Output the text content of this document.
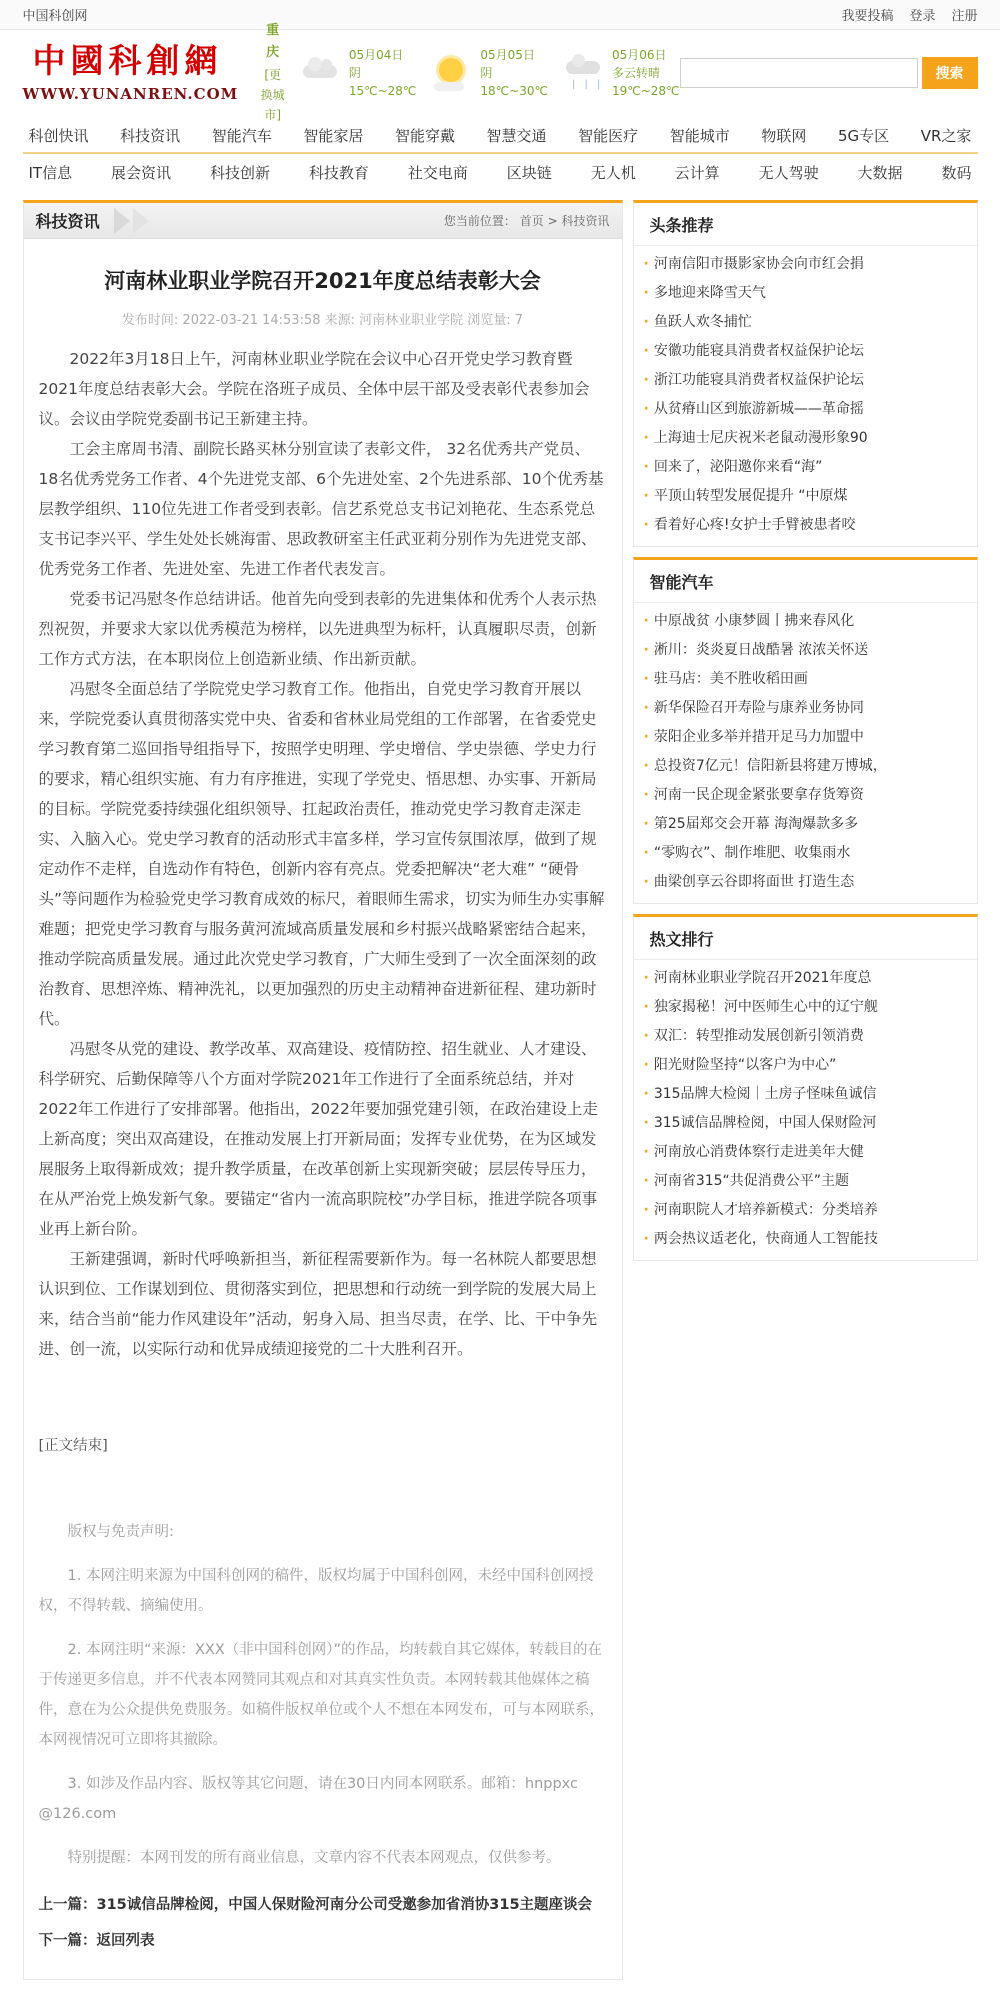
中国科创网	我要投稿 登录 注册
中國科創網
WWW.YUNANREN.COM
重庆
[更换城市]
05月04日
阴
15℃~28℃
05月05日
阴
18℃~30℃ | | |
05月06日
多云转晴
19℃~28℃
搜索
科创快讯 科技资讯 智能汽车 智能家居 智能穿戴 智慧交通 智能医疗 智能城市 物联网 5G专区 VR之家
IT信息	展会资讯	科技创新	科技教育	社交电商	区块链	无人机	云计算	无人驾驶	大数据	数码
科技资讯	您当前位置： 首页 > 科技资讯
河南林业职业学院召开2021年度总结表彰大会
发布时间: 2022-03-21 14:53:58 来源: 河南林业职业学院 浏览量: 7

2022年3月18日上午，河南林业职业学院在会议中心召开党史学习教育暨2021年度总结表彰大会。学院在洛班子成员、全体中层干部及受表彰代表参加会议。会议由学院党委副书记王新建主持。

工会主席周书清、副院长路买林分别宣读了表彰文件， 32名优秀共产党员、18名优秀党务工作者、4个先进党支部、6个先进处室、2个先进系部、10个优秀基层教学组织、110位先进工作者受到表彰。信艺系党总支书记刘艳花、生态系党总支书记李兴平、学生处处长姚海雷、思政教研室主任武亚莉分别作为先进党支部、优秀党务工作者、先进处室、先进工作者代表发言。

党委书记冯慰冬作总结讲话。他首先向受到表彰的先进集体和优秀个人表示热烈祝贺，并要求大家以优秀模范为榜样，以先进典型为标杆，认真履职尽责，创新工作方式方法，在本职岗位上创造新业绩、作出新贡献。

冯慰冬全面总结了学院党史学习教育工作。他指出，自党史学习教育开展以来，学院党委认真贯彻落实党中央、省委和省林业局党组的工作部署，在省委党史学习教育第二巡回指导组指导下，按照学史明理、学史增信、学史崇德、学史力行的要求，精心组织实施、有力有序推进，实现了学党史、悟思想、办实事、开新局的目标。学院党委持续强化组织领导、扛起政治责任，推动党史学习教育走深走实、入脑入心。党史学习教育的活动形式丰富多样，学习宣传氛围浓厚，做到了规定动作不走样，自选动作有特色，创新内容有亮点。党委把解决“老大难” “硬骨头”等问题作为检验党史学习教育成效的标尺，着眼师生需求，切实为师生办实事解难题；把党史学习教育与服务黄河流域高质量发展和乡村振兴战略紧密结合起来，推动学院高质量发展。通过此次党史学习教育，广大师生受到了一次全面深刻的政治教育、思想淬炼、精神洗礼，以更加强烈的历史主动精神奋进新征程、建功新时代。

冯慰冬从党的建设、教学改革、双高建设、疫情防控、招生就业、人才建设、科学研究、后勤保障等八个方面对学院2021年工作进行了全面系统总结，并对2022年工作进行了安排部署。他指出，2022年要加强党建引领，在政治建设上走上新高度；突出双高建设，在推动发展上打开新局面；发挥专业优势，在为区域发展服务上取得新成效；提升教学质量，在改革创新上实现新突破；层层传导压力，在从严治党上焕发新气象。要锚定“省内一流高职院校”办学目标，推进学院各项事业再上新台阶。

王新建强调，新时代呼唤新担当，新征程需要新作为。每一名林院人都要思想认识到位、工作谋划到位、贯彻落实到位，把思想和行动统一到学院的发展大局上来，结合当前“能力作风建设年”活动，躬身入局、担当尽责，在学、比、干中争先进、创一流，以实际行动和优异成绩迎接党的二十大胜利召开。

[正文结束]

版权与免责声明:

1. 本网注明来源为中国科创网的稿件，版权均属于中国科创网，未经中国科创网授权，不得转载、摘编使用。

2. 本网注明“来源：XXX（非中国科创网）”的作品，均转载自其它媒体，转载目的在于传递更多信息，并不代表本网赞同其观点和对其真实性负责。本网转载其他媒体之稿件，意在为公众提供免费服务。如稿件版权单位或个人不想在本网发布，可与本网联系，本网视情况可立即将其撤除。

3. 如涉及作品内容、版权等其它问题，请在30日内同本网联系。邮箱：hnppxc @126.com

特别提醒：本网刊发的所有商业信息，文章内容不代表本网观点，仅供参考。

上一篇：315诚信品牌检阅，中国人保财险河南分公司受邀参加省消协315主题座谈会
下一篇：返回列表
头条推荐
· 河南信阳市摄影家协会向市红会捐
· 多地迎来降雪天气
· 鱼跃人欢冬捕忙
· 安徽功能寝具消费者权益保护论坛
· 浙江功能寝具消费者权益保护论坛
· 从贫瘠山区到旅游新城——革命摇
· 上海迪士尼庆祝米老鼠动漫形象90
· 回来了，泌阳邀你来看“海”
· 平顶山转型发展促提升 “中原煤
· 看着好心疼!女护士手臂被患者咬
智能汽车
· 中原战贫 小康梦圆丨拂来春风化
· 淅川：炎炎夏日战酷暑 浓浓关怀送
· 驻马店：美不胜收稻田画
· 新华保险召开寿险与康养业务协同
· 荥阳企业多举并措开足马力加盟中
· 总投资7亿元！信阳新县将建万博城，
· 河南一民企现金紧张要拿存货筹资
· 第25届郑交会开幕 海淘爆款多多
· “零购衣”、制作堆肥、收集雨水
· 曲梁创享云谷即将面世 打造生态
热文排行
· 河南林业职业学院召开2021年度总
· 独家揭秘！河中医师生心中的辽宁舰
· 双汇：转型推动发展创新引领消费
· 阳光财险坚持“以客户为中心”
· 315品牌大检阅｜土房子怪味鱼诚信
· 315诚信品牌检阅，中国人保财险河
· 河南放心消费体察行走进美年大健
· 河南省315“共促消费公平”主题
· 河南职院人才培养新模式：分类培养
· 两会热议适老化，快商通人工智能技
